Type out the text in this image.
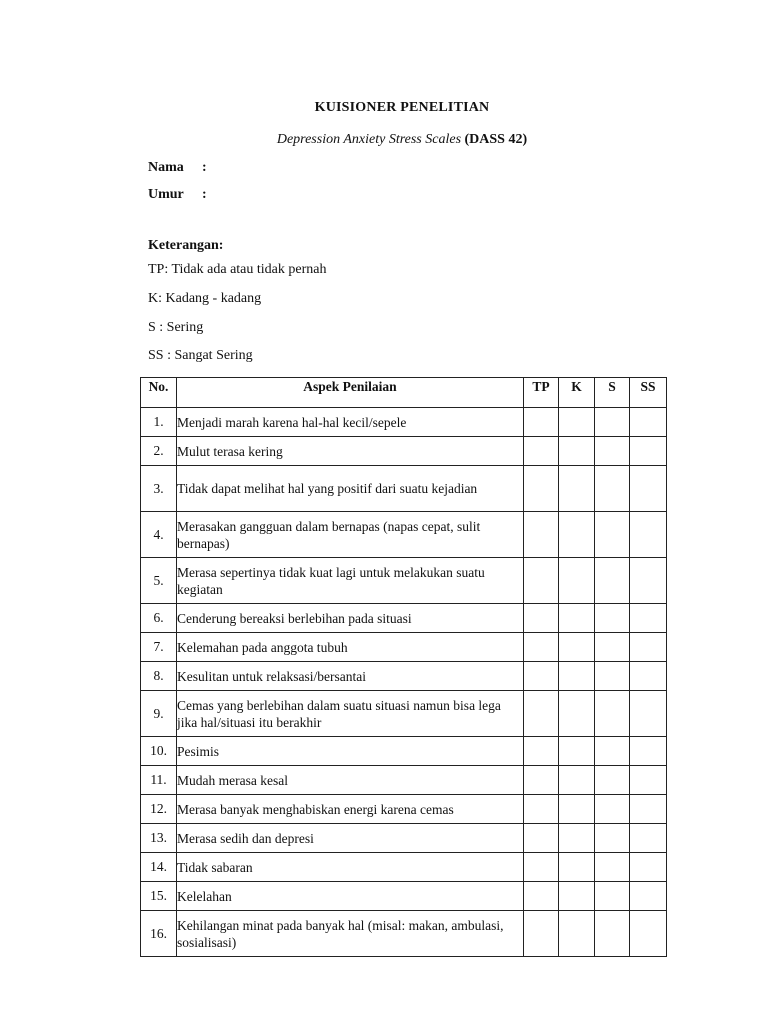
KUISIONER PENELITIAN
Depression Anxiety Stress Scales (DASS 42)
Nama :
Umur :
Keterangan:
TP: Tidak ada atau tidak pernah
K: Kadang - kadang
S : Sering
SS : Sangat Sering
No.	Aspek Penilaian	TP	K	S	SS
1.	Menjadi marah karena hal-hal kecil/sepele				
2.	Mulut terasa kering				
3.	Tidak dapat melihat hal yang positif dari suatu kejadian				
4.	Merasakan gangguan dalam bernapas (napas cepat, sulit bernapas)				
5.	Merasa sepertinya tidak kuat lagi untuk melakukan suatu kegiatan				
6.	Cenderung bereaksi berlebihan pada situasi				
7.	Kelemahan pada anggota tubuh				
8.	Kesulitan untuk relaksasi/bersantai				
9.	Cemas yang berlebihan dalam suatu situasi namun bisa lega jika hal/situasi itu berakhir				
10.	Pesimis				
11.	Mudah merasa kesal				
12.	Merasa banyak menghabiskan energi karena cemas				
13.	Merasa sedih dan depresi				
14.	Tidak sabaran				
15.	Kelelahan				
16.	Kehilangan minat pada banyak hal (misal: makan, ambulasi, sosialisasi)				
